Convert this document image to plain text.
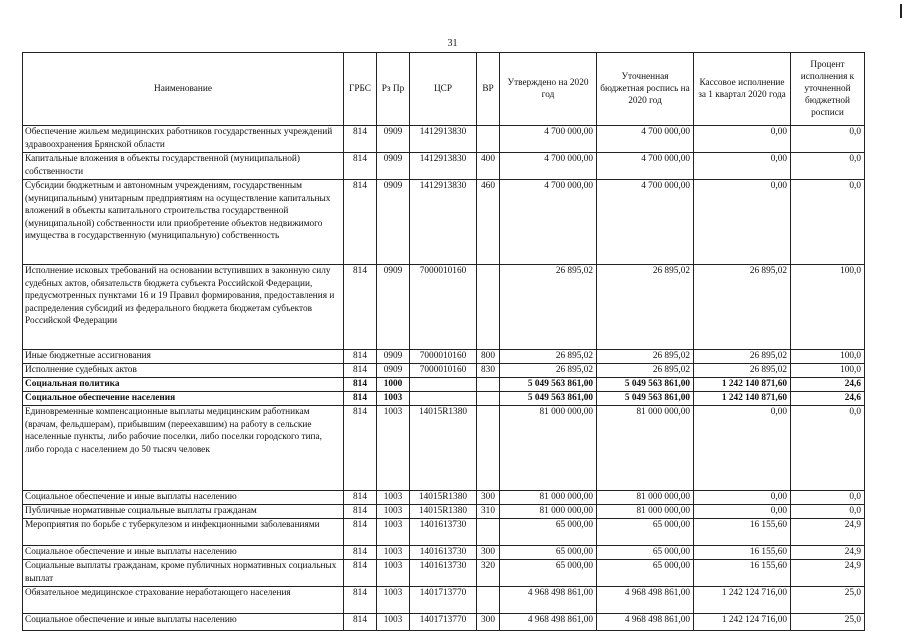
31
Наименование	ГРБС	Рз Пр	ЦСР	ВР	Утверждено на 2020 год	Уточненная бюджетная роспись на 2020 год	Кассовое исполнение за 1 квартал 2020 года	Процент исполнения к уточненной бюджетной росписи
Обеспечение жильем медицинских работников государственных учреждений здравоохранения Брянской области	814	0909	1412913830		4 700 000,00	4 700 000,00	0,00	0,0
Капитальные вложения в объекты государственной (муниципальной) собственности	814	0909	1412913830	400	4 700 000,00	4 700 000,00	0,00	0,0
Субсидии бюджетным и автономным учреждениям, государственным (муниципальным) унитарным предприятиям на осуществление капитальных вложений в объекты капитального строительства государственной (муниципальной) собственности или приобретение объектов недвижимого имущества в государственную (муниципальную) собственность	814	0909	1412913830	460	4 700 000,00	4 700 000,00	0,00	0,0
Исполнение исковых требований на основании вступивших в законную силу судебных актов, обязательств бюджета субъекта Российской Федерации, предусмотренных пунктами 16 и 19 Правил формирования, предоставления и распределения субсидий из федерального бюджета бюджетам субъектов Российской Федерации	814	0909	7000010160		26 895,02	26 895,02	26 895,02	100,0
Иные бюджетные ассигнования	814	0909	7000010160	800	26 895,02	26 895,02	26 895,02	100,0
Исполнение судебных актов	814	0909	7000010160	830	26 895,02	26 895,02	26 895,02	100,0
Социальная политика	814	1000			5 049 563 861,00	5 049 563 861,00	1 242 140 871,60	24,6
Социальное обеспечение населения	814	1003			5 049 563 861,00	5 049 563 861,00	1 242 140 871,60	24,6
Единовременные компенсационные выплаты медицинским работникам (врачам, фельдшерам), прибывшим (переехавшим) на работу в сельские населенные пункты, либо рабочие поселки, либо поселки городского типа, либо города с населением до 50 тысяч человек	814	1003	14015R1380		81 000 000,00	81 000 000,00	0,00	0,0
Социальное обеспечение и иные выплаты населению	814	1003	14015R1380	300	81 000 000,00	81 000 000,00	0,00	0,0
Публичные нормативные социальные выплаты гражданам	814	1003	14015R1380	310	81 000 000,00	81 000 000,00	0,00	0,0
Мероприятия по борьбе с туберкулезом и инфекционными заболеваниями	814	1003	1401613730		65 000,00	65 000,00	16 155,60	24,9
Социальное обеспечение и иные выплаты населению	814	1003	1401613730	300	65 000,00	65 000,00	16 155,60	24,9
Социальные выплаты гражданам, кроме публичных нормативных социальных выплат	814	1003	1401613730	320	65 000,00	65 000,00	16 155,60	24,9
Обязательное медицинское страхование неработающего населения	814	1003	1401713770		4 968 498 861,00	4 968 498 861,00	1 242 124 716,00	25,0
Социальное обеспечение и иные выплаты населению	814	1003	1401713770	300	4 968 498 861,00	4 968 498 861,00	1 242 124 716,00	25,0
